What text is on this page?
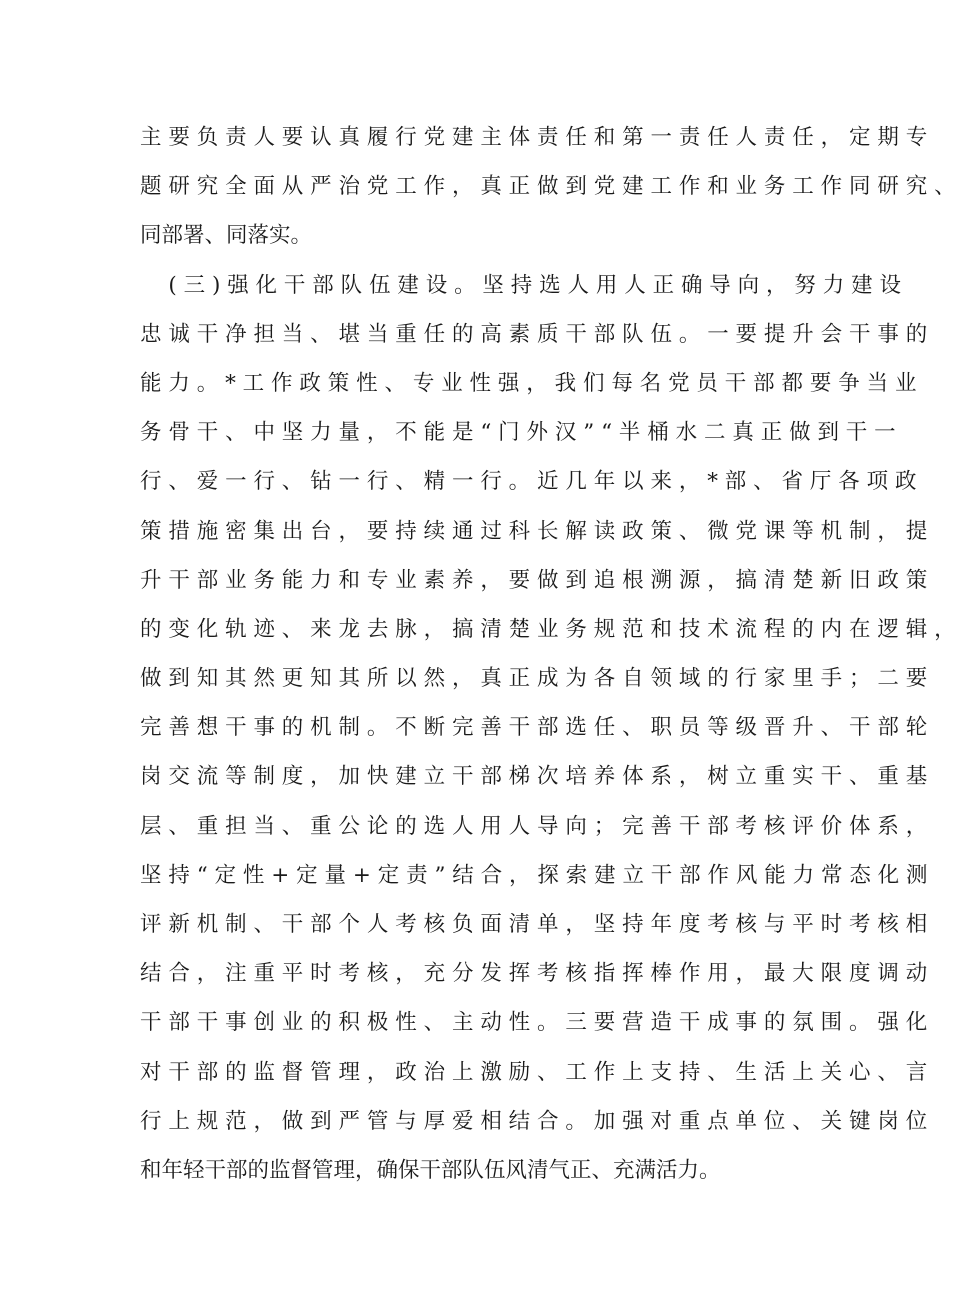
主 要 负 责 人 要 认 真 履 行 党 建 主 体 责 任 和 第 一 责 任 人 责 任 ， 定 期 专
题 研 究 全 面 从 严 治 党 工 作 ， 真 正 做 到 党 建 工 作 和 业 务 工 作 同 研 究 、
同部署、同落实。
　 ( 三 ) 强 化 干 部 队 伍 建 设 。 坚 持 选 人 用 人 正 确 导 向 ， 努 力 建 设
忠 诚 干 净 担 当 、 堪 当 重 任 的 高 素 质 干 部 队 伍 。 一 要 提 升 会 干 事 的
能 力 。 * 工 作 政 策 性 、 专 业 性 强 ， 我 们 每 名 党 员 干 部 都 要 争 当 业
务 骨 干 、 中 坚 力 量 ， 不 能 是 “ 门 外 汉 ” “ 半 桶 水 二 真 正 做 到 干 一
行 、 爱 一 行 、 钻 一 行 、 精 一 行 。 近 几 年 以 来 ， * 部 、 省 厅 各 项 政
策 措 施 密 集 出 台 ， 要 持 续 通 过 科 长 解 读 政 策 、 微 党 课 等 机 制 ， 提
升 干 部 业 务 能 力 和 专 业 素 养 ， 要 做 到 追 根 溯 源 ， 搞 清 楚 新 旧 政 策
的 变 化 轨 迹 、 来 龙 去 脉 ， 搞 清 楚 业 务 规 范 和 技 术 流 程 的 内 在 逻 辑 ，
做 到 知 其 然 更 知 其 所 以 然 ， 真 正 成 为 各 自 领 域 的 行 家 里 手 ； 二 要
完 善 想 干 事 的 机 制 。 不 断 完 善 干 部 选 任 、 职 员 等 级 晋 升 、 干 部 轮
岗 交 流 等 制 度 ， 加 快 建 立 干 部 梯 次 培 养 体 系 ， 树 立 重 实 干 、 重 基
层 、 重 担 当 、 重 公 论 的 选 人 用 人 导 向 ； 完 善 干 部 考 核 评 价 体 系 ，
坚 持 “ 定 性 + 定 量 + 定 责 ” 结 合 ， 探 索 建 立 干 部 作 风 能 力 常 态 化 测
评 新 机 制 、 干 部 个 人 考 核 负 面 清 单 ， 坚 持 年 度 考 核 与 平 时 考 核 相
结 合 ， 注 重 平 时 考 核 ， 充 分 发 挥 考 核 指 挥 棒 作 用 ， 最 大 限 度 调 动
干 部 干 事 创 业 的 积 极 性 、 主 动 性 。 三 要 营 造 干 成 事 的 氛 围 。 强 化
对 干 部 的 监 督 管 理 ， 政 治 上 激 励 、 工 作 上 支 持 、 生 活 上 关 心 、 言
行 上 规 范 ， 做 到 严 管 与 厚 爱 相 结 合 。 加 强 对 重 点 单 位 、 关 键 岗 位
和年轻干部的监督管理，确保干部队伍风清气正、充满活力。
